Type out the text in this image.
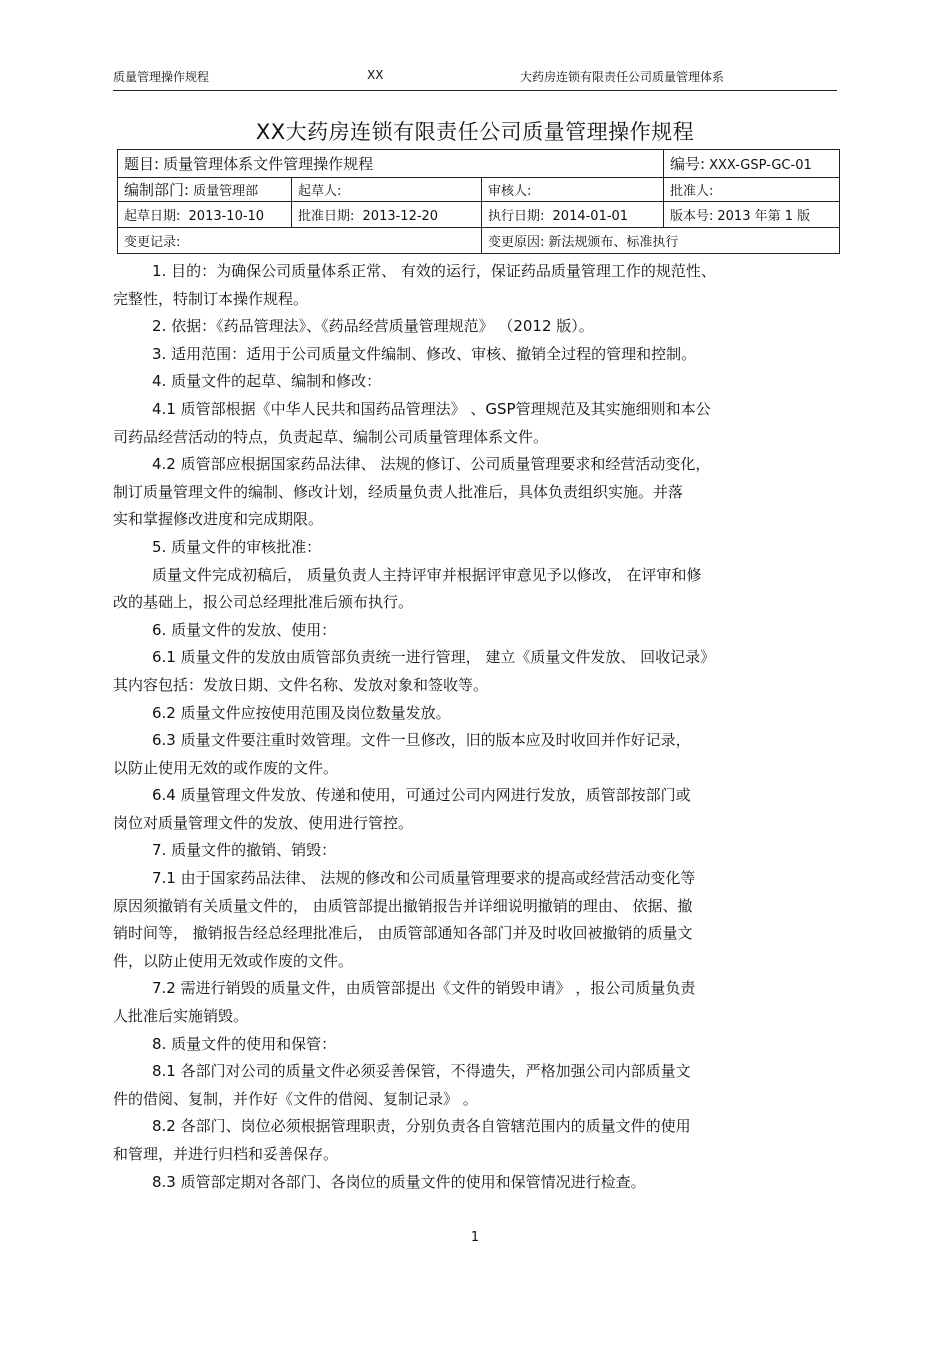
质量管理操作规程	XX	大药房连锁有限责任公司质量管理体系
XX大药房连锁有限责任公司质量管理操作规程
题目: 质量管理体系文件管理操作规程			编号: XXX-GSP-GC-01
编制部门: 质量管理部	起草人:	审核人:	批准人:
起草日期: 2013-10-10	批准日期: 2013-12-20	执行日期: 2014-01-01	版本号: 2013 年第 1 版
变更记录:		变更原因: 新法规颁布、标准执行	

1. 目的：为确保公司质量体系正常、 有效的运行，保证药品质量管理工作的规范性、

完整性，特制订本操作规程。

2. 依据：《药品管理法》、《药品经营质量管理规范》 （2012 版）。

3. 适用范围：适用于公司质量文件编制、修改、审核、撤销全过程的管理和控制。

4. 质量文件的起草、编制和修改：

4.1 质管部根据《中华人民共和国药品管理法》 、GSP管理规范及其实施细则和本公

司药品经营活动的特点，负责起草、编制公司质量管理体系文件。

4.2 质管部应根据国家药品法律、 法规的修订、公司质量管理要求和经营活动变化，

制订质量管理文件的编制、修改计划，经质量负责人批准后，具体负责组织实施。并落

实和掌握修改进度和完成期限。

5. 质量文件的审核批准：

质量文件完成初稿后， 质量负责人主持评审并根据评审意见予以修改， 在评审和修

改的基础上，报公司总经理批准后颁布执行。

6. 质量文件的发放、使用：

6.1 质量文件的发放由质管部负责统一进行管理， 建立《质量文件发放、 回收记录》

其内容包括：发放日期、文件名称、发放对象和签收等。

6.2 质量文件应按使用范围及岗位数量发放。

6.3 质量文件要注重时效管理。文件一旦修改，旧的版本应及时收回并作好记录，

以防止使用无效的或作废的文件。

6.4 质量管理文件发放、传递和使用，可通过公司内网进行发放，质管部按部门或

岗位对质量管理文件的发放、使用进行管控。

7. 质量文件的撤销、销毁：

7.1 由于国家药品法律、 法规的修改和公司质量管理要求的提高或经营活动变化等

原因须撤销有关质量文件的， 由质管部提出撤销报告并详细说明撤销的理由、 依据、撤

销时间等， 撤销报告经总经理批准后， 由质管部通知各部门并及时收回被撤销的质量文

件，以防止使用无效或作废的文件。

7.2 需进行销毁的质量文件，由质管部提出《文件的销毁申请》 ，报公司质量负责

人批准后实施销毁。

8. 质量文件的使用和保管：

8.1 各部门对公司的质量文件必须妥善保管，不得遗失，严格加强公司内部质量文

件的借阅、复制，并作好《文件的借阅、复制记录》 。

8.2 各部门、岗位必须根据管理职责，分别负责各自管辖范围内的质量文件的使用

和管理，并进行归档和妥善保存。

8.3 质管部定期对各部门、各岗位的质量文件的使用和保管情况进行检查。

1
